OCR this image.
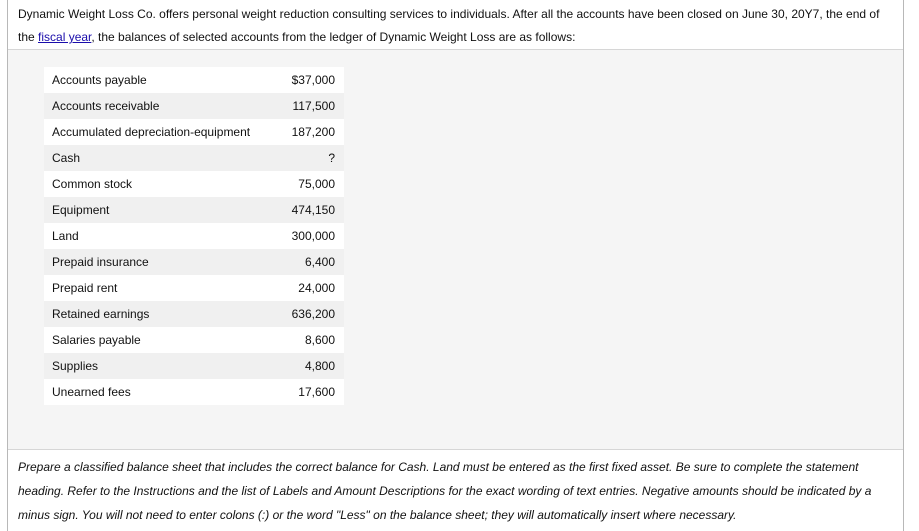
Dynamic Weight Loss Co. offers personal weight reduction consulting services to individuals. After all the accounts have been closed on June 30, 20Y7, the end of the fiscal year, the balances of selected accounts from the ledger of Dynamic Weight Loss are as follows:
Accounts payable	$37,000
Accounts receivable	117,500
Accumulated depreciation-equipment	187,200
Cash	?
Common stock	75,000
Equipment	474,150
Land	300,000
Prepaid insurance	6,400
Prepaid rent	24,000
Retained earnings	636,200
Salaries payable	8,600
Supplies	4,800
Unearned fees	17,600
Prepare a classified balance sheet that includes the correct balance for Cash. Land must be entered as the first fixed asset. Be sure to complete the statement heading. Refer to the Instructions and the list of Labels and Amount Descriptions for the exact wording of text entries. Negative amounts should be indicated by a minus sign. You will not need to enter colons (:) or the word "Less" on the balance sheet; they will automatically insert where necessary.
